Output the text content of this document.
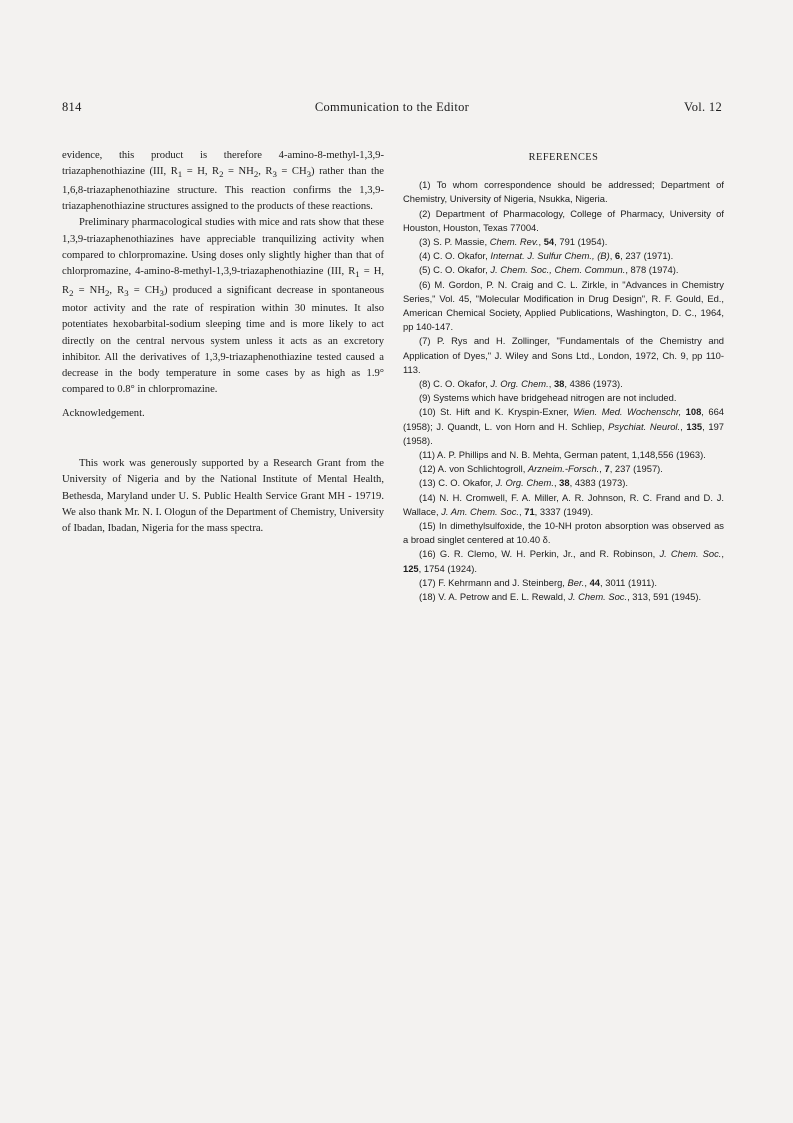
814	Communication to the Editor	Vol. 12

evidence, this product is therefore 4-amino-8-methyl-1,3,9-triazaphenothiazine (III, $R_1 = H$, $R_2 = NH_2$, $R_3 = CH_3$) rather than the 1,6,8-triazaphenothiazine structure. This reaction confirms the 1,3,9-triazaphenothiazine structures assigned to the products of these reactions.

Preliminary pharmacological studies with mice and rats show that these 1,3,9-triazaphenothiazines have appreciable tranquilizing activity when compared to chlorpromazine. Using doses only slightly higher than that of chlorpromazine, 4-amino-8-methyl-1,3,9-triazaphenothiazine (III, $R_1 = H$, $R_2 = NH_2$, $R_3 = CH_3$) produced a significant decrease in spontaneous motor activity and the rate of respiration within 30 minutes. It also potentiates hexobarbital-sodium sleeping time and is more likely to act directly on the central nervous system unless it acts as an excretory inhibitor. All the derivatives of 1,3,9-triazaphenothiazine tested caused a decrease in the body temperature in some cases by as high as 1.9° compared to 0.8° in chlorpromazine.

Acknowledgement.

This work was generously supported by a Research Grant from the University of Nigeria and by the National Institute of Mental Health, Bethesda, Maryland under U. S. Public Health Service Grant MH - 19719. We also thank Mr. N. I. Ologun of the Department of Chemistry, University of Ibadan, Ibadan, Nigeria for the mass spectra.

REFERENCES

(1) To whom correspondence should be addressed; Department of Chemistry, University of Nigeria, Nsukka, Nigeria.
(2) Department of Pharmacology, College of Pharmacy, University of Houston, Houston, Texas 77004.
(3) S. P. Massie, Chem. Rev., 54, 791 (1954).
(4) C. O. Okafor, Internat. J. Sulfur Chem., (B), 6, 237 (1971).
(5) C. O. Okafor, J. Chem. Soc., Chem. Commun., 878 (1974).
(6) M. Gordon, P. N. Craig and C. L. Zirkle, in "Advances in Chemistry Series," Vol. 45, "Molecular Modification in Drug Design", R. F. Gould, Ed., American Chemical Society, Applied Publications, Washington, D. C., 1964, pp 140-147.
(7) P. Rys and H. Zollinger, "Fundamentals of the Chemistry and Application of Dyes," J. Wiley and Sons Ltd., London, 1972, Ch. 9, pp 110-113.
(8) C. O. Okafor, J. Org. Chem., 38, 4386 (1973).
(9) Systems which have bridgehead nitrogen are not included.
(10) St. Hift and K. Kryspin-Exner, Wien. Med. Wochenschr, 108, 664 (1958); J. Quandt, L. von Horn and H. Schliep, Psychiat. Neurol., 135, 197 (1958).
(11) A. P. Phillips and N. B. Mehta, German patent, 1,148,556 (1963).
(12) A. von Schlichtogroll, Arzneim.-Forsch., 7, 237 (1957).
(13) C. O. Okafor, J. Org. Chem., 38, 4383 (1973).
(14) N. H. Cromwell, F. A. Miller, A. R. Johnson, R. C. Frand and D. J. Wallace, J. Am. Chem. Soc., 71, 3337 (1949).
(15) In dimethylsulfoxide, the 10-NH proton absorption was observed as a broad singlet centered at 10.40 δ.
(16) G. R. Clemo, W. H. Perkin, Jr., and R. Robinson, J. Chem. Soc., 125, 1754 (1924).
(17) F. Kehrmann and J. Steinberg, Ber., 44, 3011 (1911).
(18) V. A. Petrow and E. L. Rewald, J. Chem. Soc., 313, 591 (1945).
